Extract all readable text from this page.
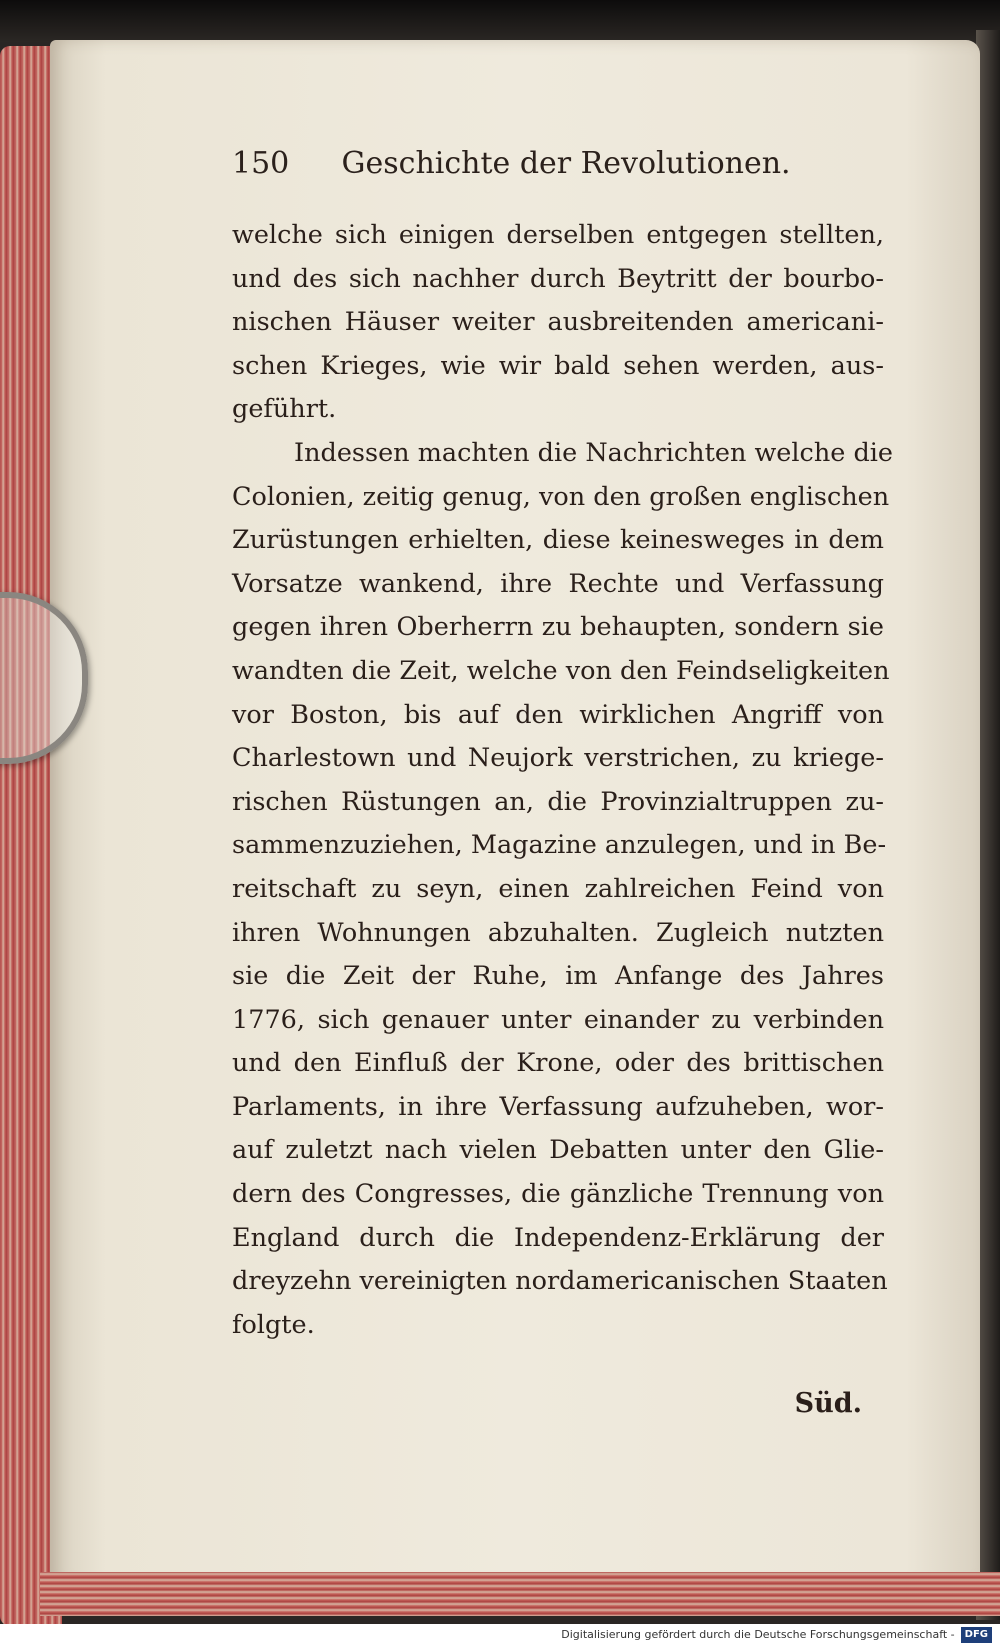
150 Geschichte der Revolutionen.
welche sich einigen derselben entgegen stellten,
und des sich nachher durch Beytritt der bourbo-
nischen Häuser weiter ausbreitenden americani-
schen Krieges, wie wir bald sehen werden, aus-
geführt.
Indessen machten die Nachrichten welche die
Colonien, zeitig genug, von den großen englischen
Zurüstungen erhielten, diese keinesweges in dem
Vorsatze wankend, ihre Rechte und Verfassung
gegen ihren Oberherrn zu behaupten, sondern sie
wandten die Zeit, welche von den Feindseligkeiten
vor Boston, bis auf den wirklichen Angriff von
Charlestown und Neujork verstrichen, zu kriege-
rischen Rüstungen an, die Provinzialtruppen zu-
sammenzuziehen, Magazine anzulegen, und in Be-
reitschaft zu seyn, einen zahlreichen Feind von
ihren Wohnungen abzuhalten. Zugleich nutzten
sie die Zeit der Ruhe, im Anfange des Jahres
1776, sich genauer unter einander zu verbinden
und den Einfluß der Krone, oder des brittischen
Parlaments, in ihre Verfassung aufzuheben, wor-
auf zuletzt nach vielen Debatten unter den Glie-
dern des Congresses, die gänzliche Trennung von
England durch die Independenz-Erklärung der
dreyzehn vereinigten nordamericanischen Staaten
folgte.
Süd.
Digitalisierung gefördert durch die Deutsche Forschungsgemeinschaft - DFG
